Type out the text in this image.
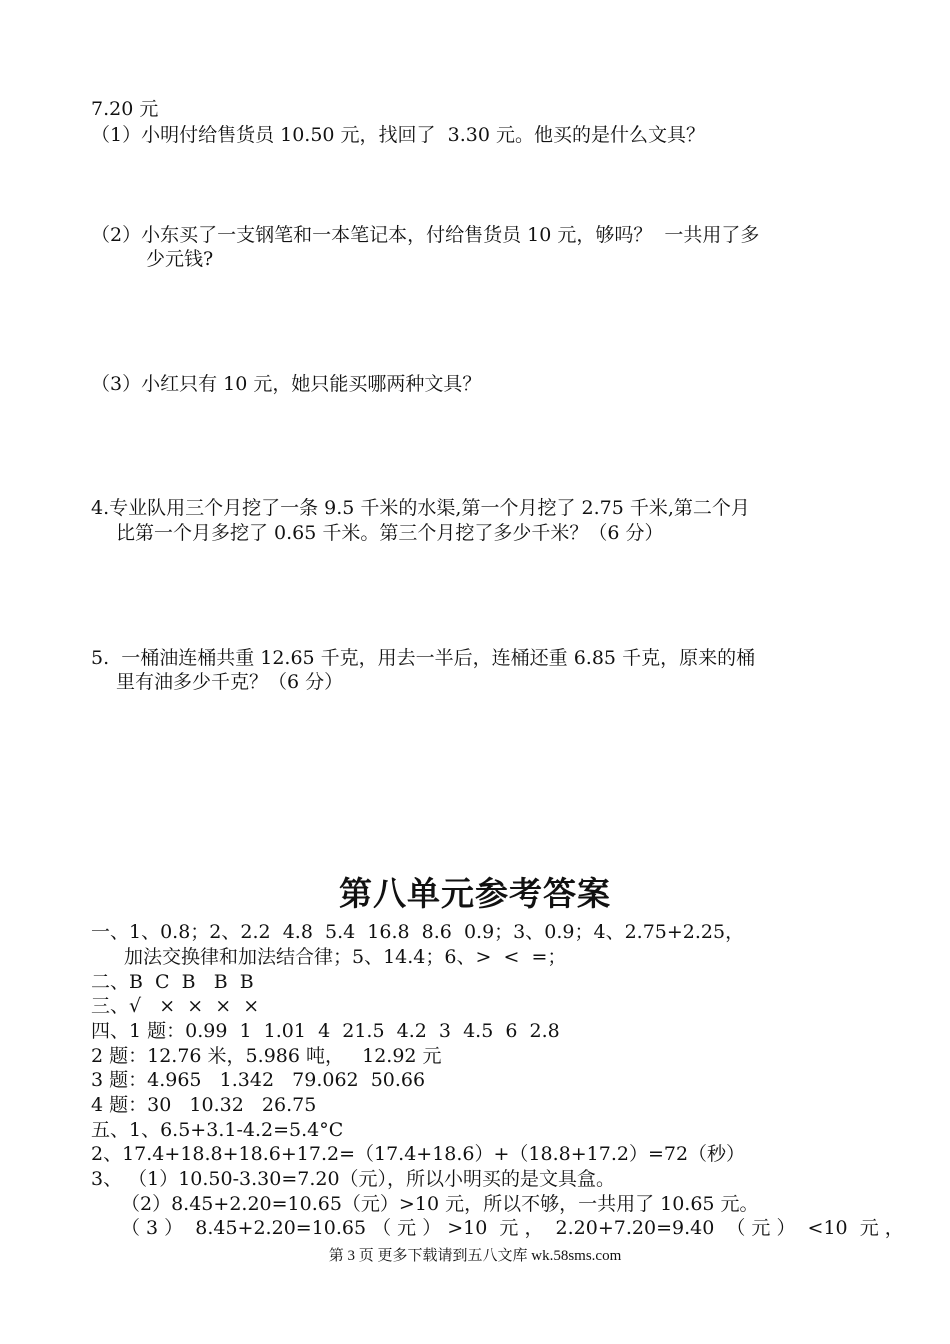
7.20 元
（1）小明付给售货员 10.50 元，找回了  3.30 元。他买的是什么文具？
（2）小东买了一支钢笔和一本笔记本，付给售货员 10 元，够吗？  一共用了多
少元钱?
（3）小红只有 10 元，她只能买哪两种文具？
4.专业队用三个月挖了一条 9.5 千米的水渠,第一个月挖了 2.75 千米,第二个月
比第一个月多挖了 0.65 千米。第三个月挖了多少千米？（6 分）
5.  一桶油连桶共重 12.65 千克，用去一半后，连桶还重 6.85 千克，原来的桶
里有油多少千克？（6 分）
第八单元参考答案
一、1、0.8；2、2.2  4.8  5.4  16.8  8.6  0.9；3、0.9；4、2.75+2.25，
加法交换律和加法结合律；5、14.4；6、>  <  =；
二、B  C  B   B  B
三、√   ×  ×  ×  ×
四、1 题：0.99  1  1.01  4  21.5  4.2  3  4.5  6  2.8
2 题：12.76 米，5.986 吨，   12.92 元
3 题：4.965   1.342   79.062  50.66
4 题：30   10.32   26.75
五、1、6.5+3.1-4.2=5.4°C
2、17.4+18.8+18.6+17.2=（17.4+18.6）+（18.8+17.2）=72（秒）
3、 （1）10.50-3.30=7.20（元），所以小明买的是文具盒。
（2）8.45+2.20=10.65（元）>10 元，所以不够，一共用了 10.65 元。
（ 3 ）  8.45+2.20=10.65 （ 元 ） >10  元 ，  2.20+7.20=9.40  （ 元 ）  <10  元 ，
第 3 页 更多下载请到五八文库 wk.58sms.com
